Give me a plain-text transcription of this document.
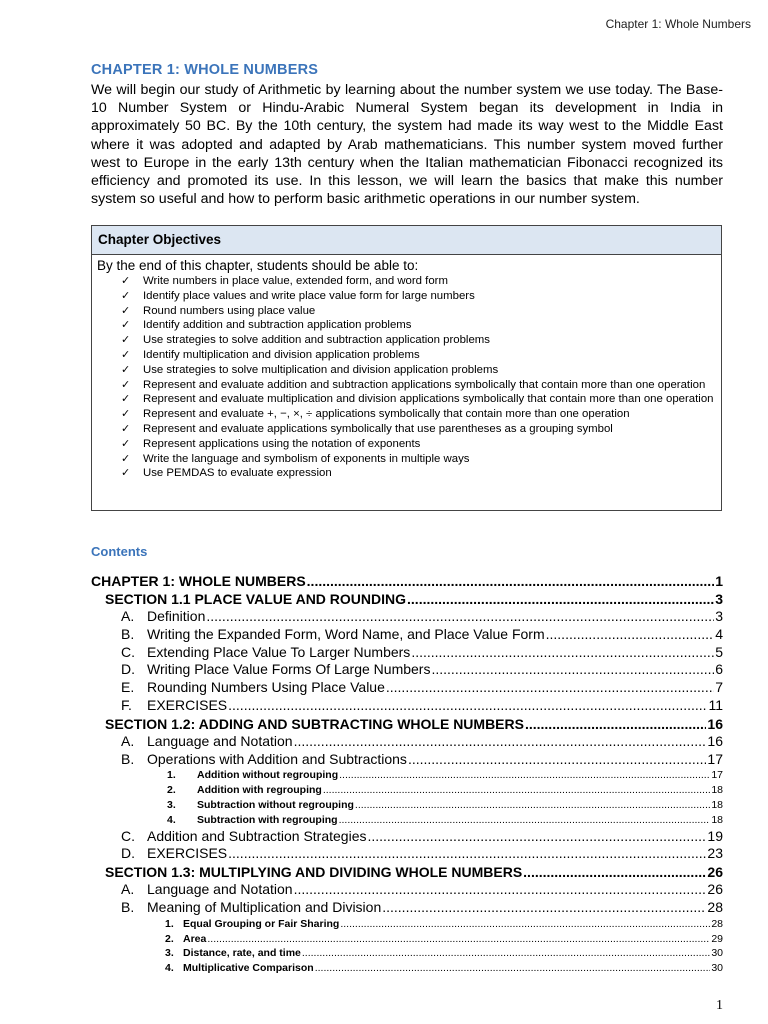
Chapter 1: Whole Numbers
CHAPTER 1: WHOLE NUMBERS

We will begin our study of Arithmetic by learning about the number system we use today. The Base-10 Number System or Hindu-Arabic Numeral System began its development in India in approximately 50 BC. By the 10th century, the system had made its way west to the Middle East where it was adopted and adapted by Arab mathematicians. This number system moved further west to Europe in the early 13th century when the Italian mathematician Fibonacci recognized its efficiency and promoted its use. In this lesson, we will learn the basics that make this number system so useful and how to perform basic arithmetic operations in our number system.

Chapter Objectives
By the end of this chapter, students should be able to:
✓ Write numbers in place value, extended form, and word form
✓ Identify place values and write place value form for large numbers
✓ Round numbers using place value
✓ Identify addition and subtraction application problems
✓ Use strategies to solve addition and subtraction application problems
✓ Identify multiplication and division application problems
✓ Use strategies to solve multiplication and division application problems
✓ Represent and evaluate addition and subtraction applications symbolically that contain more than one operation
✓ Represent and evaluate multiplication and division applications symbolically that contain more than one operation
✓ Represent and evaluate +, −, ×, ÷ applications symbolically that contain more than one operation
✓ Represent and evaluate applications symbolically that use parentheses as a grouping symbol
✓ Represent applications using the notation of exponents
✓ Write the language and symbolism of exponents in multiple ways
✓ Use PEMDAS to evaluate expression
Contents
CHAPTER 1: WHOLE NUMBERS .....	1
SECTION 1.1 PLACE VALUE AND ROUNDING .....	3
A. Definition .....	3
B. Writing the Expanded Form, Word Name, and Place Value Form .....	4
C. Extending Place Value To Larger Numbers .....	5
D. Writing Place Value Forms Of Large Numbers .....	6
E. Rounding Numbers Using Place Value .....	7
F. EXERCISES .....	11
SECTION 1.2: ADDING AND SUBTRACTING WHOLE NUMBERS .....	16
A. Language and Notation .....	16
B. Operations with Addition and Subtractions .....	17
1. Addition without regrouping .....	17
2. Addition with regrouping .....	18
3. Subtraction without regrouping .....	18
4. Subtraction with regrouping .....	18
C. Addition and Subtraction Strategies .....	19
D. EXERCISES .....	23
SECTION 1.3: MULTIPLYING AND DIVIDING WHOLE NUMBERS .....	26
A. Language and Notation .....	26
B. Meaning of Multiplication and Division .....	28
1. Equal Grouping or Fair Sharing .....	28
2. Area .....	29
3. Distance, rate, and time .....	30
4. Multiplicative Comparison .....	30
1
